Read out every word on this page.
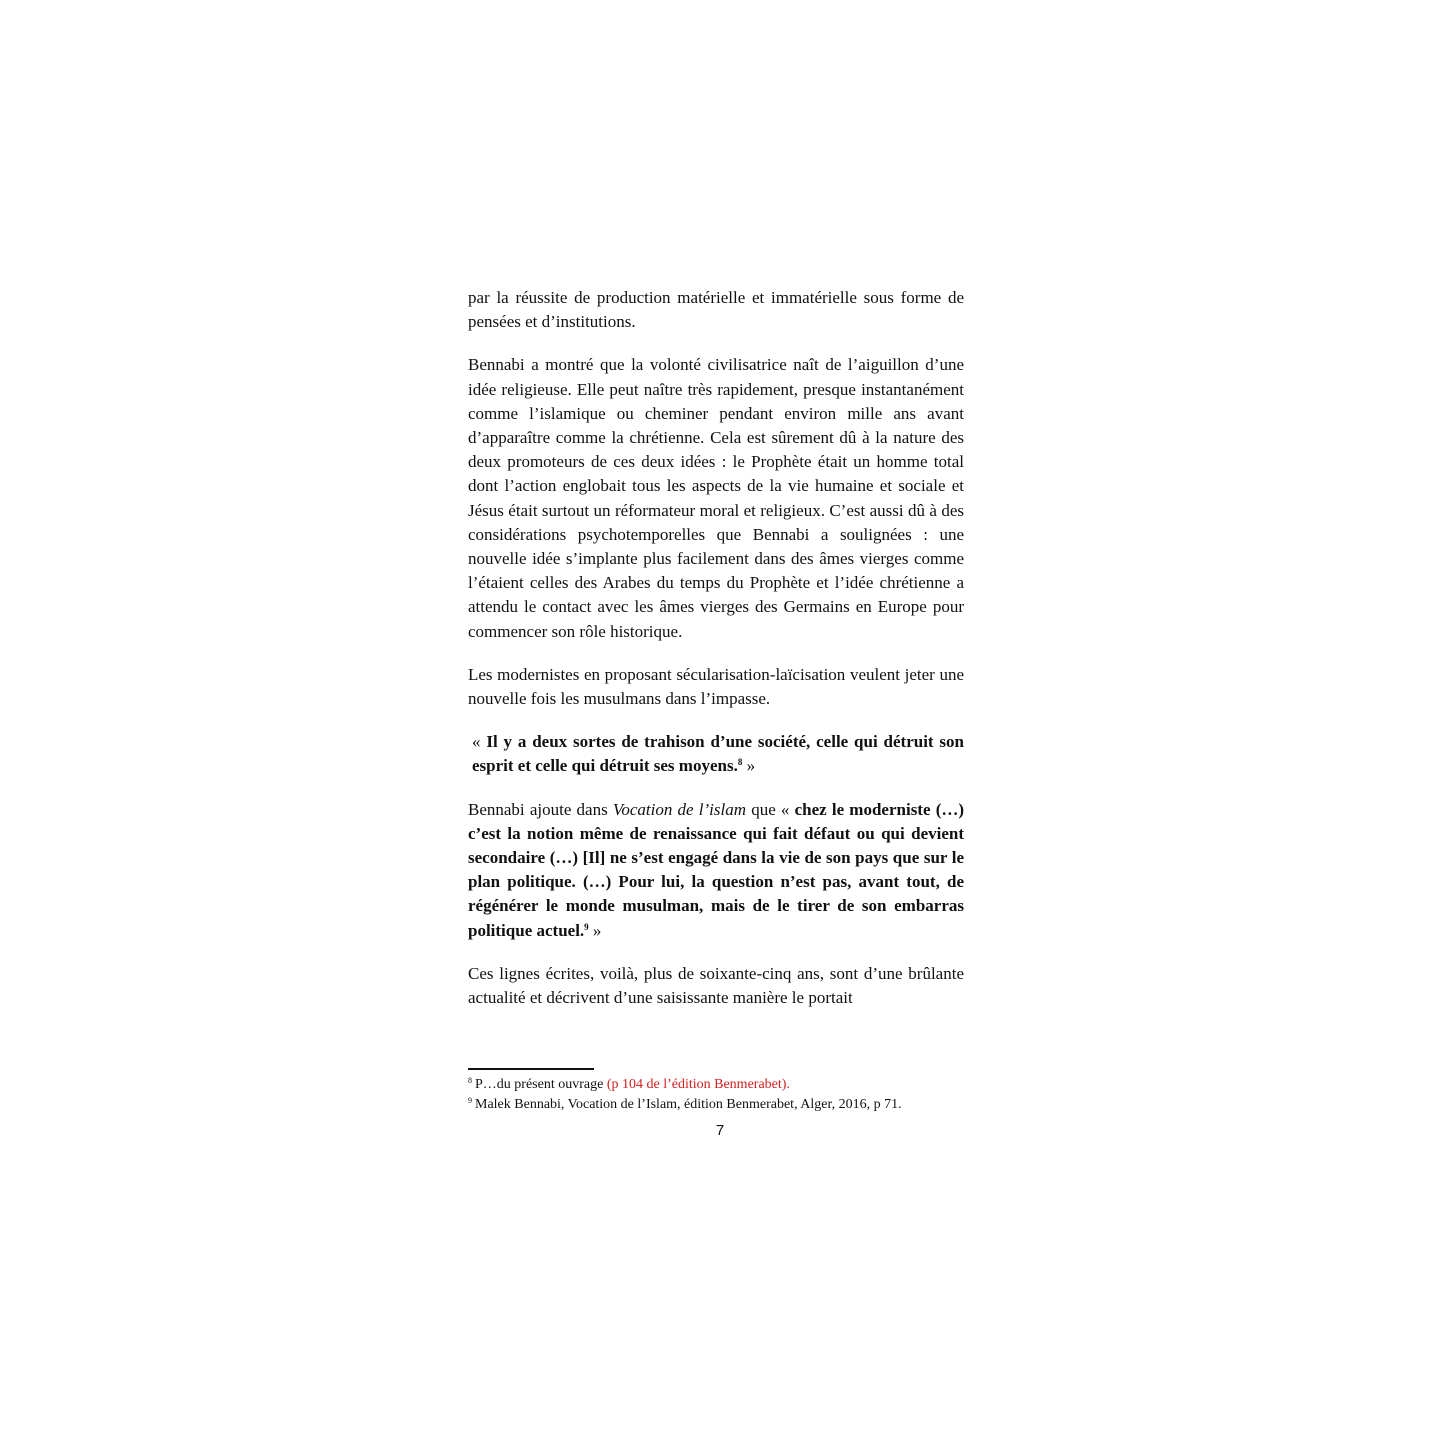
par la réussite de production matérielle et immatérielle sous forme de pensées et d’institutions.

Bennabi a montré que la volonté civilisatrice naît de l’aiguillon d’une idée religieuse. Elle peut naître très rapidement, presque instantanément comme l’islamique ou cheminer pendant environ mille ans avant d’apparaître comme la chrétienne. Cela est sûrement dû à la nature des deux promoteurs de ces deux idées : le Prophète était un homme total dont l’action englobait tous les aspects de la vie humaine et sociale et Jésus était surtout un réformateur moral et religieux. C’est aussi dû à des considérations psychotemporelles que Bennabi a soulignées : une nouvelle idée s’implante plus facilement dans des âmes vierges comme l’étaient celles des Arabes du temps du Prophète et l’idée chrétienne a attendu le contact avec les âmes vierges des Germains en Europe pour commencer son rôle historique.

Les modernistes en proposant sécularisation-laïcisation veulent jeter une nouvelle fois les musulmans dans l’impasse.

« Il y a deux sortes de trahison d’une société, celle qui détruit son esprit et celle qui détruit ses moyens.$^8$ »

Bennabi ajoute dans Vocation de l’islam que « chez le moderniste (…) c’est la notion même de renaissance qui fait défaut ou qui devient secondaire (…) [Il] ne s’est engagé dans la vie de son pays que sur le plan politique. (…) Pour lui, la question n’est pas, avant tout, de régénérer le monde musulman, mais de le tirer de son embarras politique actuel.$^9$ »

Ces lignes écrites, voilà, plus de soixante-cinq ans, sont d’une brûlante actualité et décrivent d’une saisissante manière le portait

$^8$ P…du présent ouvrage (p 104 de l’édition Benmerabet).

$^9$ Malek Bennabi, Vocation de l’Islam, édition Benmerabet, Alger, 2016, p 71.

7
